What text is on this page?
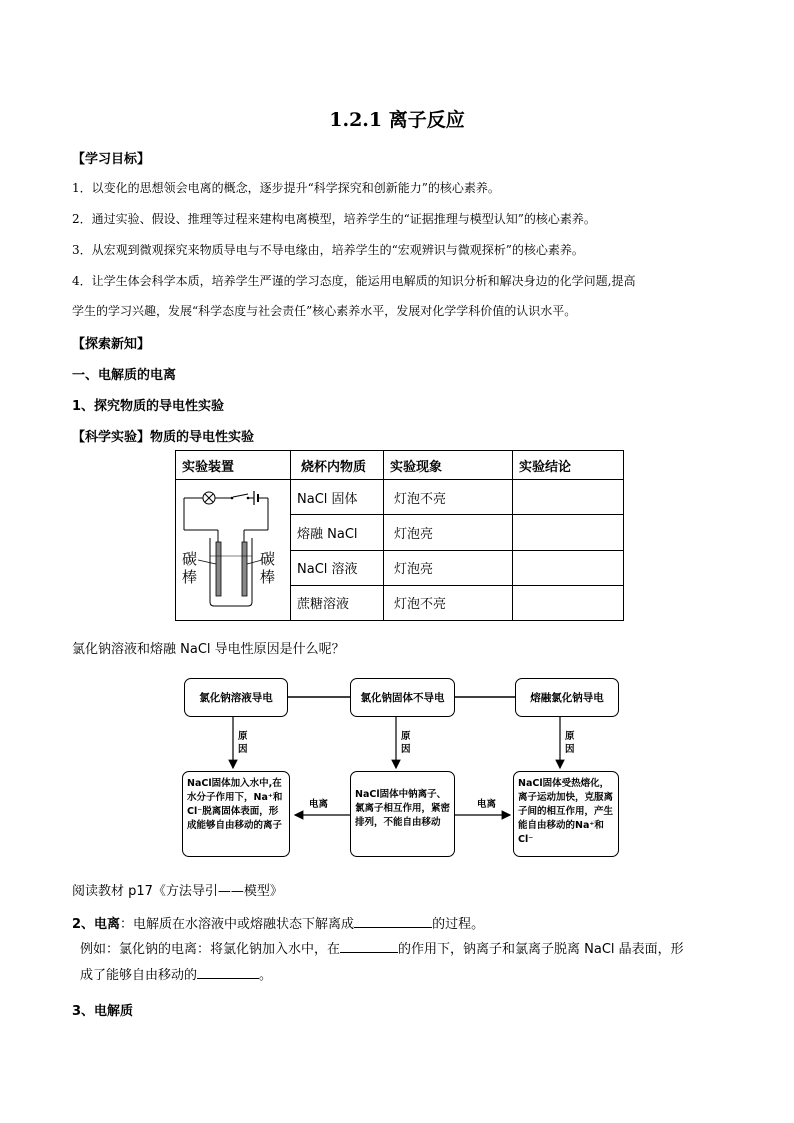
1.2.1 离子反应
【学习目标】
1．以变化的思想领会电离的概念，逐步提升“科学探究和创新能力”的核心素养。
2．通过实验、假设、推理等过程来建构电离模型，培养学生的“证据推理与模型认知”的核心素养。
3．从宏观到微观探究来物质导电与不导电缘由，培养学生的“宏观辨识与微观探析”的核心素养。
4．让学生体会科学本质，培养学生严谨的学习态度，能运用电解质的知识分析和解决身边的化学问题,提高
学生的学习兴趣，发展“科学态度与社会责任”核心素养水平，发展对化学学科价值的认识水平。
【探索新知】
一、电解质的电离
1、探究物质的导电性实验
【科学实验】物质的导电性实验
实验装置	烧杯内物质	实验现象	实验结论

碳棒
碳棒	NaCl 固体	灯泡不亮	
	熔融 NaCl	灯泡亮	
	NaCl 溶液	灯泡亮	
	蔗糖溶液	灯泡不亮	
氯化钠溶液和熔融 NaCl 导电性原因是什么呢？
氯化钠溶液导电	氯化钠固体不导电	熔融氯化钠导电
原因
原因
原因
电离	电离
NaCl固体加入水中,在水分子作用下，Na⁺和Cl⁻脱离固体表面，形成能够自由移动的离子
NaCl固体中钠离子、氯离子相互作用，紧密排列，不能自由移动
NaCl固体受热熔化，离子运动加快，克服离子间的相互作用，产生能自由移动的Na⁺和Cl⁻
阅读教材 p17《方法导引——模型》
2、电离：电解质在水溶液中或熔融状态下解离成	的过程。
例如：氯化钠的电离：将氯化钠加入水中，在	的作用下，钠离子和氯离子脱离 NaCl 晶表面，形
成了能够自由移动的	。
3、电解质
